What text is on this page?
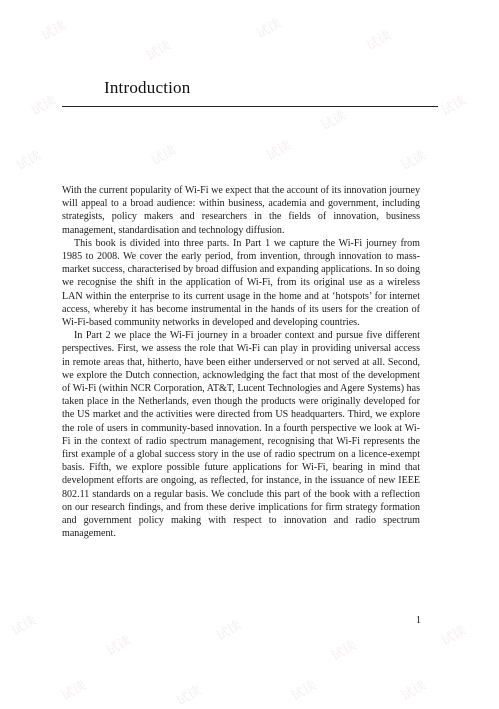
试读
试读
试读	试读
试读
试读
试读
试读	试读	试读	试读
试读
试读
试读
试读
试读
试读	试读	试读	试读
Introduction

With the current popularity of Wi-Fi we expect that the account of its innovation journey will appeal to a broad audience: within business, academia and government, including strategists, policy makers and researchers in the fields of innovation, business management, standardisation and technology diffusion.

This book is divided into three parts. In Part 1 we capture the Wi-Fi journey from 1985 to 2008. We cover the early period, from invention, through innovation to mass-market success, characterised by broad diffusion and expanding applications. In so doing we recognise the shift in the application of Wi-Fi, from its original use as a wireless LAN within the enterprise to its current usage in the home and at ‘hotspots’ for internet access, whereby it has become instrumental in the hands of its users for the creation of Wi-Fi-based community networks in developed and developing countries.

In Part 2 we place the Wi-Fi journey in a broader context and pursue five different perspectives. First, we assess the role that Wi-Fi can play in providing universal access in remote areas that, hitherto, have been either underserved or not served at all. Second, we explore the Dutch connection, acknowledging the fact that most of the development of Wi-Fi (within NCR Corporation, AT&T, Lucent Technologies and Agere Systems) has taken place in the Netherlands, even though the products were originally developed for the US market and the activities were directed from US headquarters. Third, we explore the role of users in community-based innovation. In a fourth perspective we look at Wi-Fi in the context of radio spectrum management, recognising that Wi-Fi represents the first example of a global success story in the use of radio spectrum on a licence-exempt basis. Fifth, we explore possible future applications for Wi-Fi, bearing in mind that development efforts are ongoing, as reflected, for instance, in the issuance of new IEEE 802.11 standards on a regular basis. We conclude this part of the book with a reflection on our research findings, and from these derive implications for firm strategy formation and government policy making with respect to innovation and radio spectrum management.

1
